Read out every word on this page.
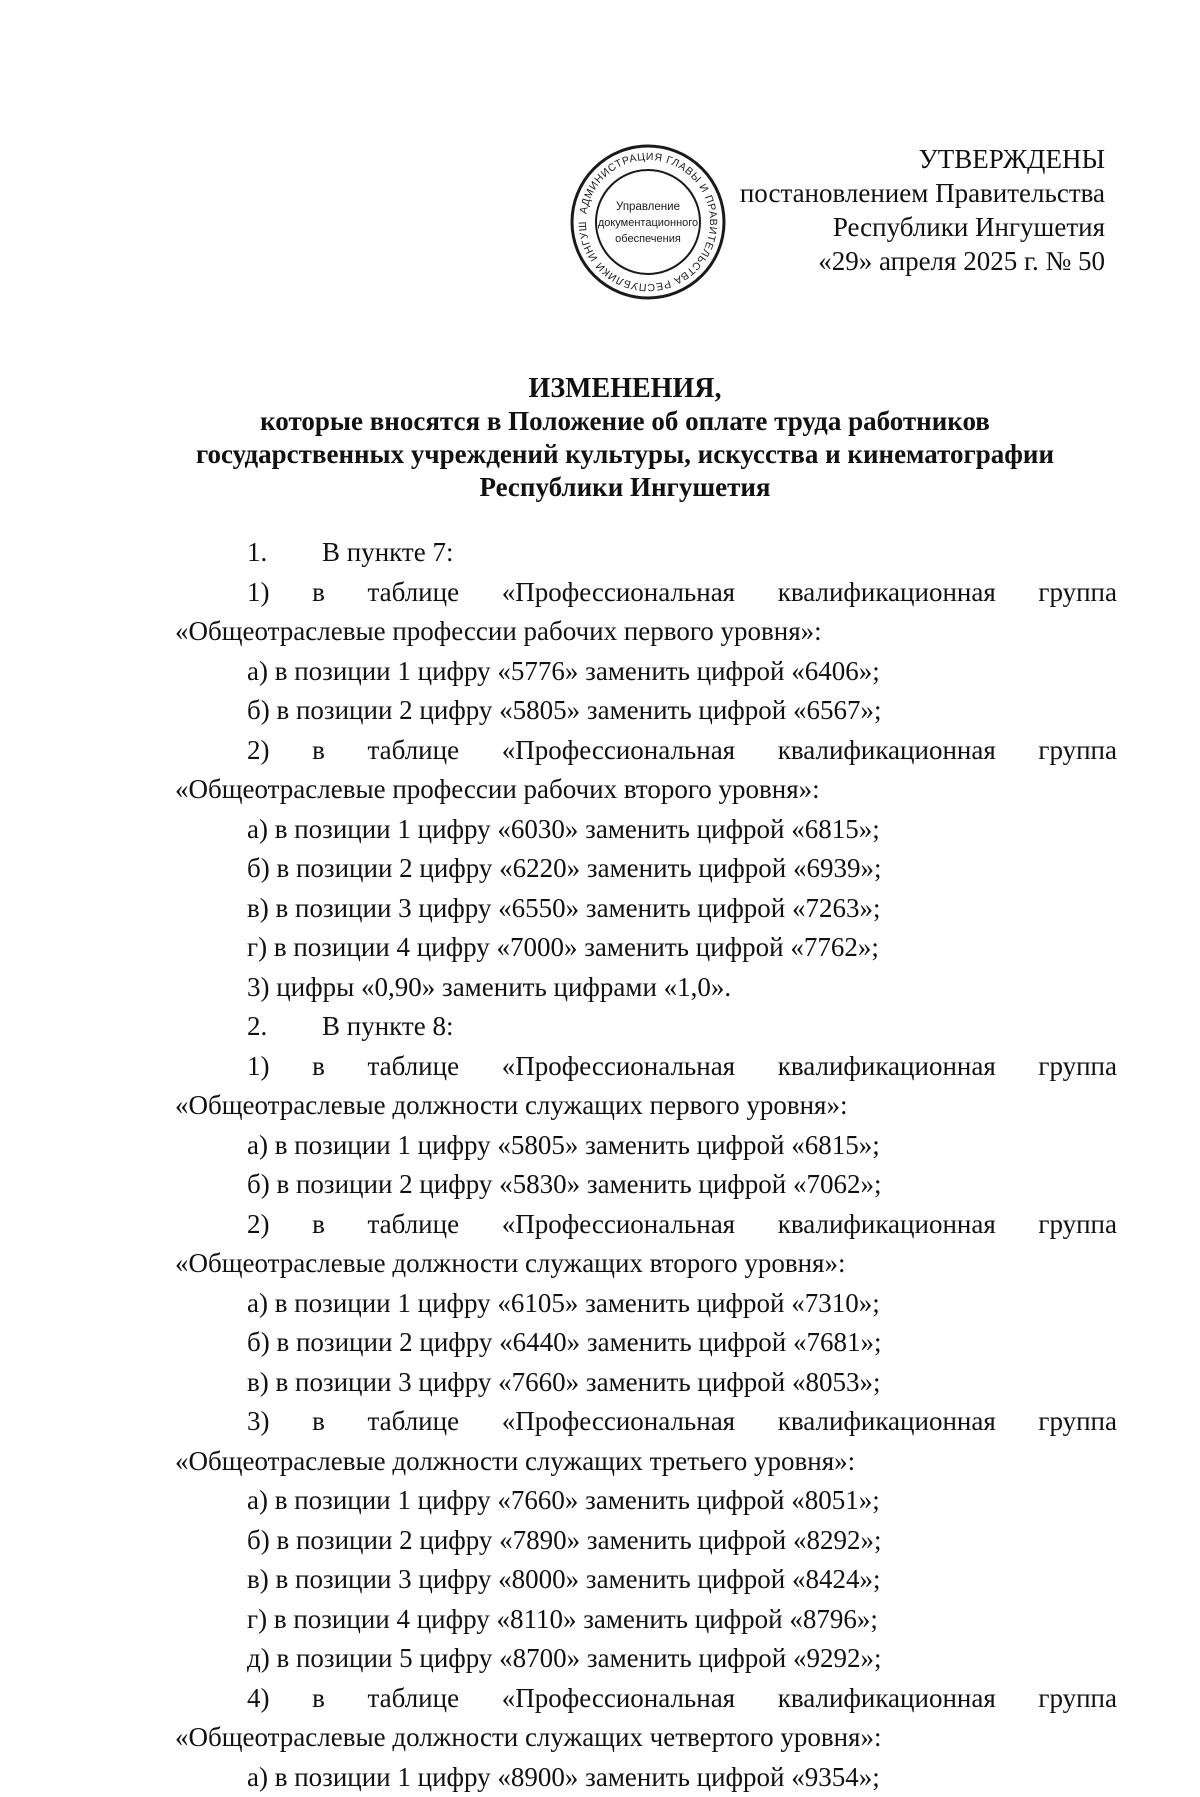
АДМИНИСТРАЦИЯ ГЛАВЫ И ПРАВИТЕЛЬСТВА РЕСПУБЛИКИ ИНГУШ
Управление
документационного
обеспечения
УТВЕРЖДЕНЫ
постановлением Правительства
Республики Ингушетия
«29» апреля 2025 г. № 50
ИЗМЕНЕНИЯ,
которые вносятся в Положение об оплате труда работников
государственных учреждений культуры, искусства и кинематографии
Республики Ингушетия
1. В пункте 7:
1) в таблице «Профессиональная квалификационная группа
«Общеотраслевые профессии рабочих первого уровня»:
а) в позиции 1 цифру «5776» заменить цифрой «6406»;
б) в позиции 2 цифру «5805» заменить цифрой «6567»;
2) в таблице «Профессиональная квалификационная группа
«Общеотраслевые профессии рабочих второго уровня»:
а) в позиции 1 цифру «6030» заменить цифрой «6815»;
б) в позиции 2 цифру «6220» заменить цифрой «6939»;
в) в позиции 3 цифру «6550» заменить цифрой «7263»;
г) в позиции 4 цифру «7000» заменить цифрой «7762»;
3) цифры «0,90» заменить цифрами «1,0».
2. В пункте 8:
1) в таблице «Профессиональная квалификационная группа
«Общеотраслевые должности служащих первого уровня»:
а) в позиции 1 цифру «5805» заменить цифрой «6815»;
б) в позиции 2 цифру «5830» заменить цифрой «7062»;
2) в таблице «Профессиональная квалификационная группа
«Общеотраслевые должности служащих второго уровня»:
а) в позиции 1 цифру «6105» заменить цифрой «7310»;
б) в позиции 2 цифру «6440» заменить цифрой «7681»;
в) в позиции 3 цифру «7660» заменить цифрой «8053»;
3) в таблице «Профессиональная квалификационная группа
«Общеотраслевые должности служащих третьего уровня»:
а) в позиции 1 цифру «7660» заменить цифрой «8051»;
б) в позиции 2 цифру «7890» заменить цифрой «8292»;
в) в позиции 3 цифру «8000» заменить цифрой «8424»;
г) в позиции 4 цифру «8110» заменить цифрой «8796»;
д) в позиции 5 цифру «8700» заменить цифрой «9292»;
4) в таблице «Профессиональная квалификационная группа
«Общеотраслевые должности служащих четвертого уровня»:
а) в позиции 1 цифру «8900» заменить цифрой «9354»;
